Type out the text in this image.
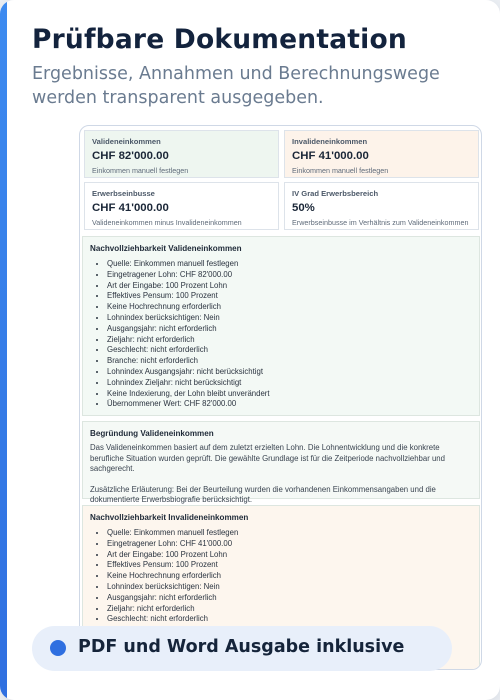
Prüfbare Dokumentation
Ergebnisse, Annahmen und Berechnungswege
werden transparent ausgegeben.
Valideneinkommen
CHF 82'000.00
Einkommen manuell festlegen
Invalideneinkommen
CHF 41'000.00
Einkommen manuell festlegen
Erwerbseinbusse
CHF 41'000.00
Valideneinkommen minus Invalideneinkommen
IV Grad Erwerbsbereich
50%
Erwerbseinbusse im Verhältnis zum Valideneinkommen
Nachvollziehbarkeit Valideneinkommen
• Quelle: Einkommen manuell festlegen
• Eingetragener Lohn: CHF 82'000.00
• Art der Eingabe: 100 Prozent Lohn
• Effektives Pensum: 100 Prozent
• Keine Hochrechnung erforderlich
• Lohnindex berücksichtigen: Nein
• Ausgangsjahr: nicht erforderlich
• Zieljahr: nicht erforderlich
• Geschlecht: nicht erforderlich
• Branche: nicht erforderlich
• Lohnindex Ausgangsjahr: nicht berücksichtigt
• Lohnindex Zieljahr: nicht berücksichtigt
• Keine Indexierung, der Lohn bleibt unverändert
• Übernommener Wert: CHF 82'000.00
Begründung Valideneinkommen
Das Valideneinkommen basiert auf dem zuletzt erzielten Lohn. Die Lohnentwicklung und die konkrete berufliche Situation wurden geprüft. Die gewählte Grundlage ist für die Zeitperiode nachvollziehbar und sachgerecht.
Zusätzliche Erläuterung: Bei der Beurteilung wurden die vorhandenen Einkommensangaben und die dokumentierte Erwerbsbiografie berücksichtigt.
Nachvollziehbarkeit Invalideneinkommen
• Quelle: Einkommen manuell festlegen
• Eingetragener Lohn: CHF 41'000.00
• Art der Eingabe: 100 Prozent Lohn
• Effektives Pensum: 100 Prozent
• Keine Hochrechnung erforderlich
• Lohnindex berücksichtigen: Nein
• Ausgangsjahr: nicht erforderlich
• Zieljahr: nicht erforderlich
• Geschlecht: nicht erforderlich
PDF und Word Ausgabe inklusive
